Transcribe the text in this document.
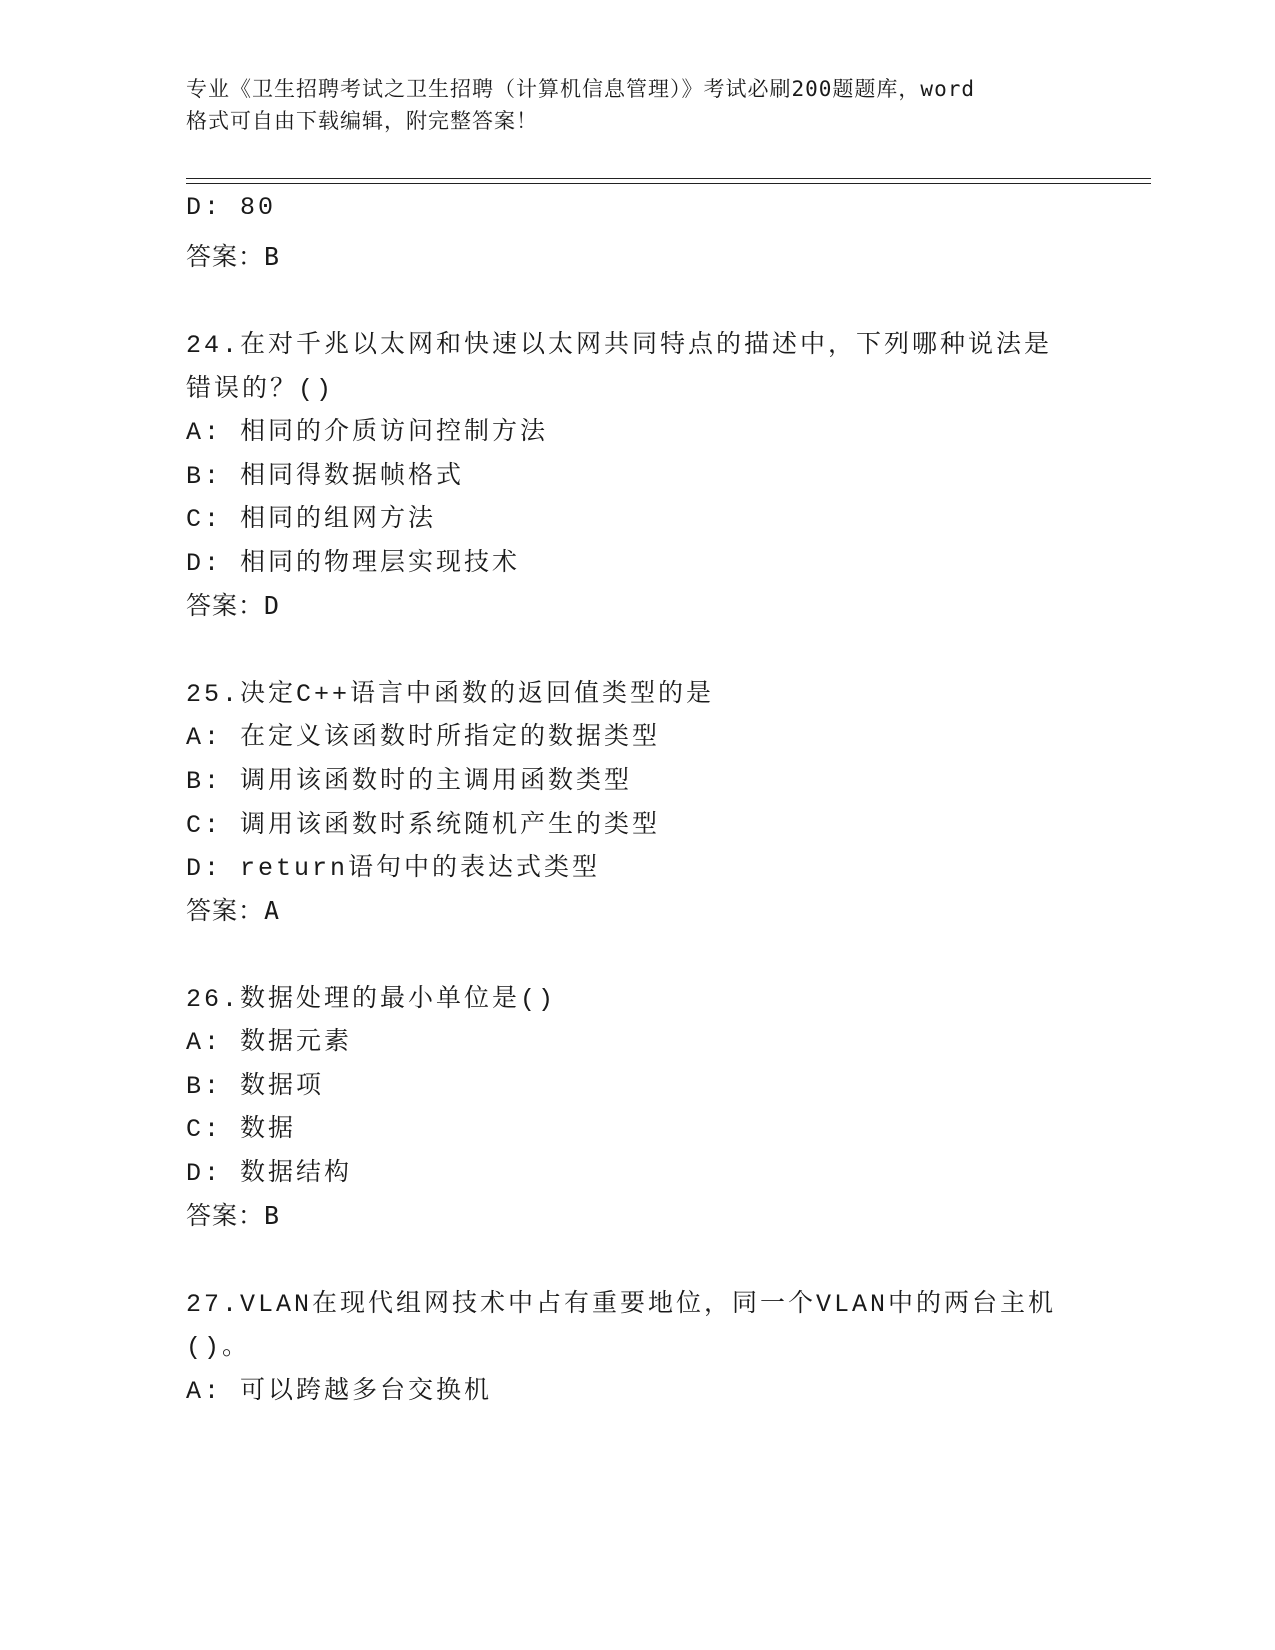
专业《卫生招聘考试之卫生招聘（计算机信息管理）》考试必刷200题题库，word
格式可自由下载编辑，附完整答案！
D: 80
答案：B
24.在对千兆以太网和快速以太网共同特点的描述中，下列哪种说法是
错误的？()
A: 相同的介质访问控制方法
B: 相同得数据帧格式
C: 相同的组网方法
D: 相同的物理层实现技术
答案：D
25.决定C++语言中函数的返回值类型的是
A: 在定义该函数时所指定的数据类型
B: 调用该函数时的主调用函数类型
C: 调用该函数时系统随机产生的类型
D: return语句中的表达式类型
答案：A
26.数据处理的最小单位是()
A: 数据元素
B: 数据项
C: 数据
D: 数据结构
答案：B
27.VLAN在现代组网技术中占有重要地位，同一个VLAN中的两台主机
()。
A: 可以跨越多台交换机
